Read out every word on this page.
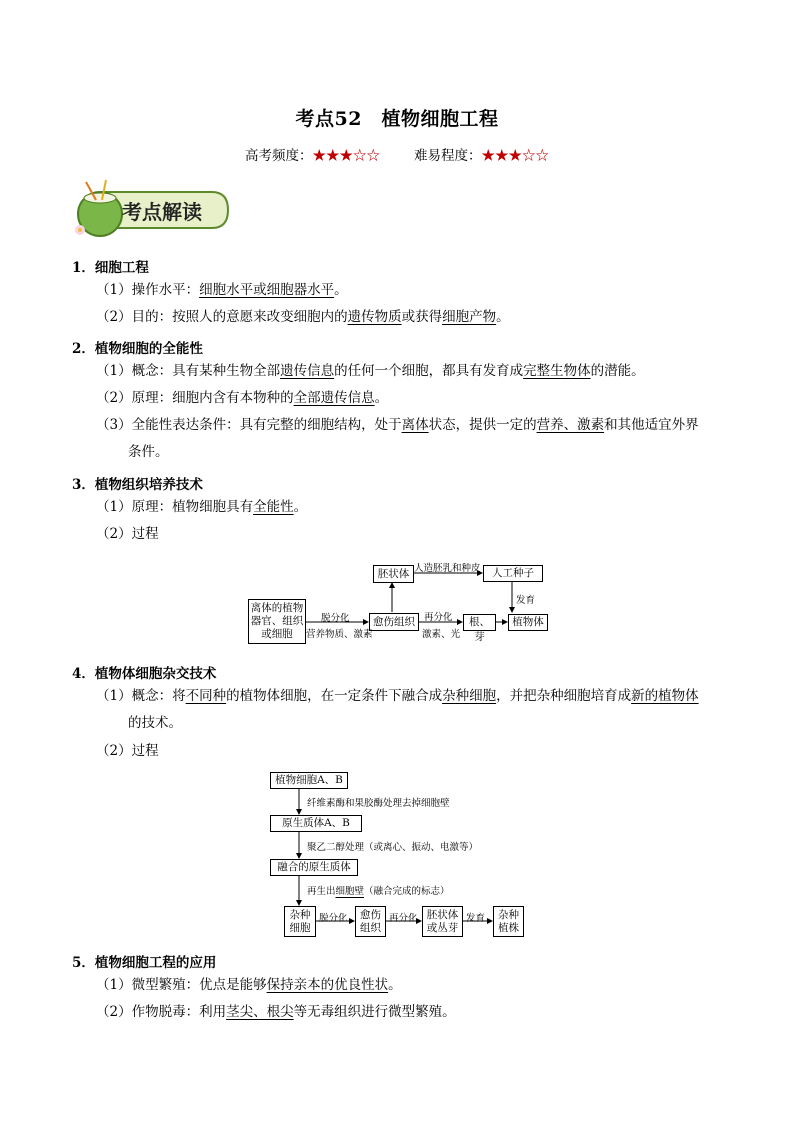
考点52　植物细胞工程
高考频度：★★★☆☆	难易程度：★★★☆☆
考点解读
1．细胞工程
（1）操作水平：细胞水平或细胞器水平。
（2）目的：按照人的意愿来改变细胞内的遗传物质或获得细胞产物。
2．植物细胞的全能性
（1）概念：具有某种生物全部遗传信息的任何一个细胞，都具有发育成完整生物体的潜能。
（2）原理：细胞内含有本物种的全部遗传信息。
（3）全能性表达条件：具有完整的细胞结构，处于离体状态，提供一定的营养、激素和其他适宜外界
条件。
3．植物组织培养技术
（1）原理：植物细胞具有全能性。
（2）过程
离体的植物器官、组织或细胞
愈伤组织
胚状体	人工种子
根、芽
植物体
脱分化
营养物质、激素
再分化
激素、光
人造胚乳和种皮
发育
4．植物体细胞杂交技术
（1）概念：将不同种的植物体细胞，在一定条件下融合成杂种细胞，并把杂种细胞培育成新的植物体
的技术。
（2）过程
植物细胞A、B
原生质体A、B
融合的原生质体
杂种细胞
愈伤组织
胚状体或丛芽
杂种植株
纤维素酶和果胶酶处理去掉细胞壁
聚乙二醇处理（或离心、振动、电激等）
再生出细胞壁（融合完成的标志）
脱分化	再分化	发育
5．植物细胞工程的应用
（1）微型繁殖：优点是能够保持亲本的优良性状。
（2）作物脱毒：利用茎尖、根尖等无毒组织进行微型繁殖。
